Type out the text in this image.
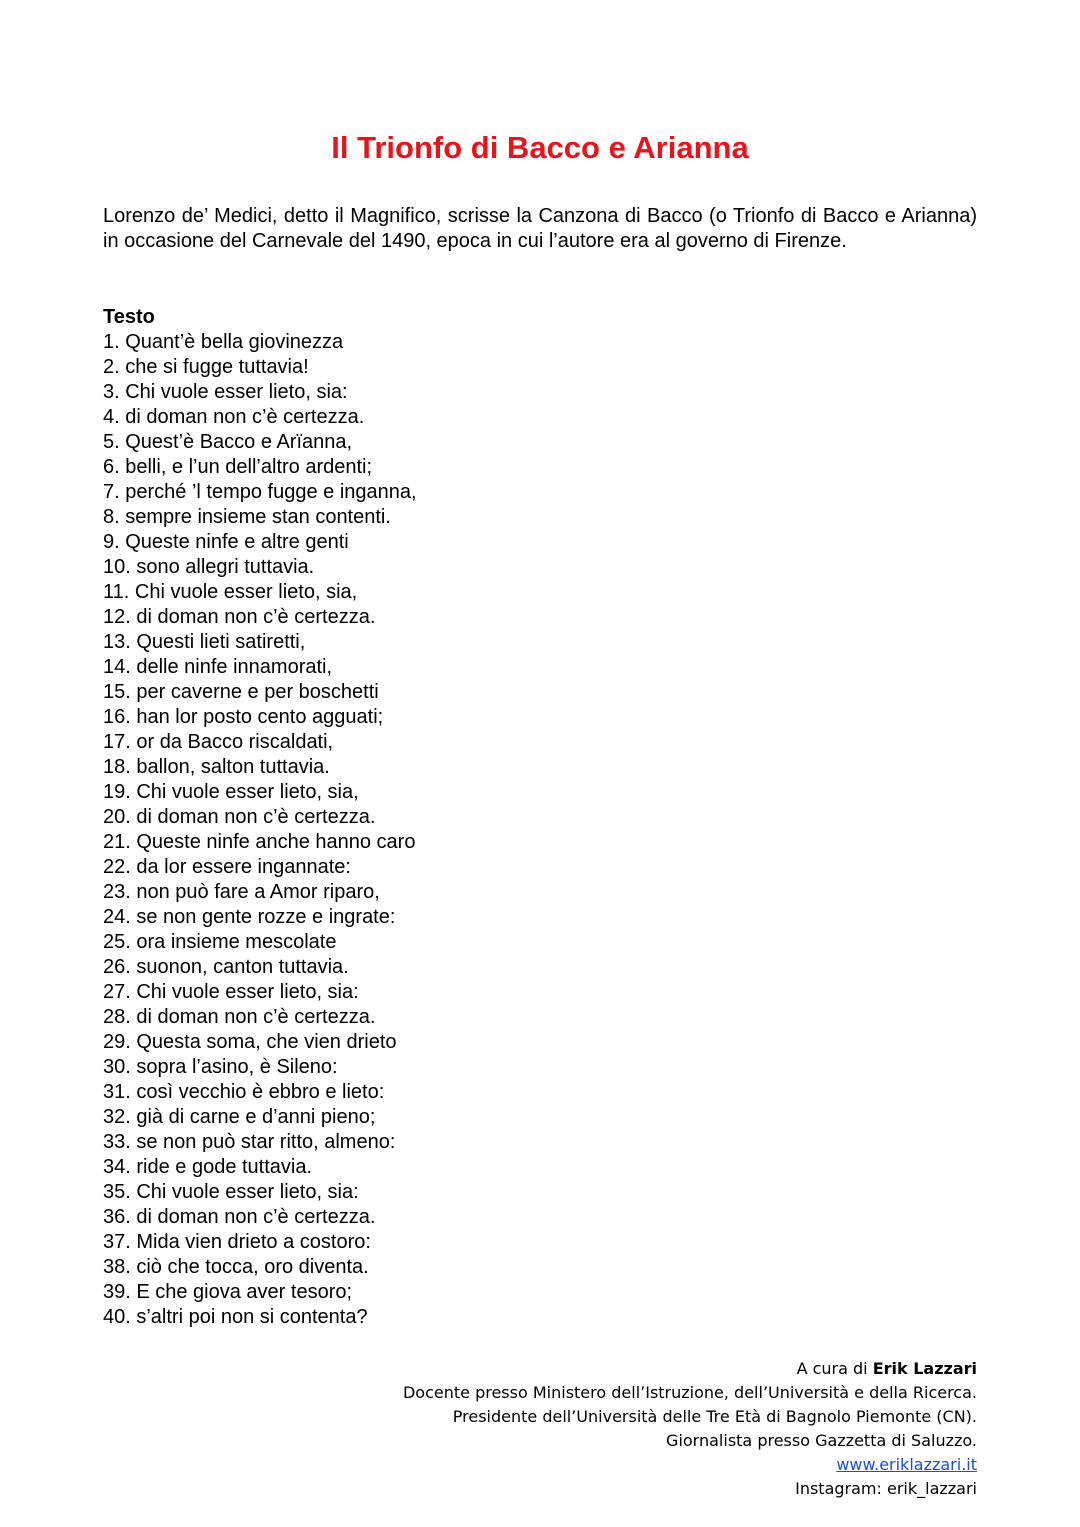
Il Trionfo di Bacco e Arianna

Lorenzo de’ Medici, detto il Magnifico, scrisse la Canzona di Bacco (o Trionfo di Bacco e Arianna) in occasione del Carnevale del 1490, epoca in cui l’autore era al governo di Firenze.

Testo

1. Quant’è bella giovinezza
2. che si fugge tuttavia!
3. Chi vuole esser lieto, sia:
4. di doman non c’è certezza.
5. Quest’è Bacco e Arïanna,
6. belli, e l’un dell’altro ardenti;
7. perché ’l tempo fugge e inganna,
8. sempre insieme stan contenti.
9. Queste ninfe e altre genti
10. sono allegri tuttavia.
11. Chi vuole esser lieto, sia,
12. di doman non c’è certezza.
13. Questi lieti satiretti,
14. delle ninfe innamorati,
15. per caverne e per boschetti
16. han lor posto cento agguati;
17. or da Bacco riscaldati,
18. ballon, salton tuttavia.
19. Chi vuole esser lieto, sia,
20. di doman non c’è certezza.
21. Queste ninfe anche hanno caro
22. da lor essere ingannate:
23. non può fare a Amor riparo,
24. se non gente rozze e ingrate:
25. ora insieme mescolate
26. suonon, canton tuttavia.
27. Chi vuole esser lieto, sia:
28. di doman non c’è certezza.
29. Questa soma, che vien drieto
30. sopra l’asino, è Sileno:
31. così vecchio è ebbro e lieto:
32. già di carne e d’anni pieno;
33. se non può star ritto, almeno:
34. ride e gode tuttavia.
35. Chi vuole esser lieto, sia:
36. di doman non c’è certezza.
37. Mida vien drieto a costoro:
38. ciò che tocca, oro diventa.
39. E che giova aver tesoro;
40. s’altri poi non si contenta?
A cura di Erik Lazzari
Docente presso Ministero dell’Istruzione, dell’Università e della Ricerca.
Presidente dell’Università delle Tre Età di Bagnolo Piemonte (CN).
Giornalista presso Gazzetta di Saluzzo.
www.eriklazzari.it
Instagram: erik_lazzari
